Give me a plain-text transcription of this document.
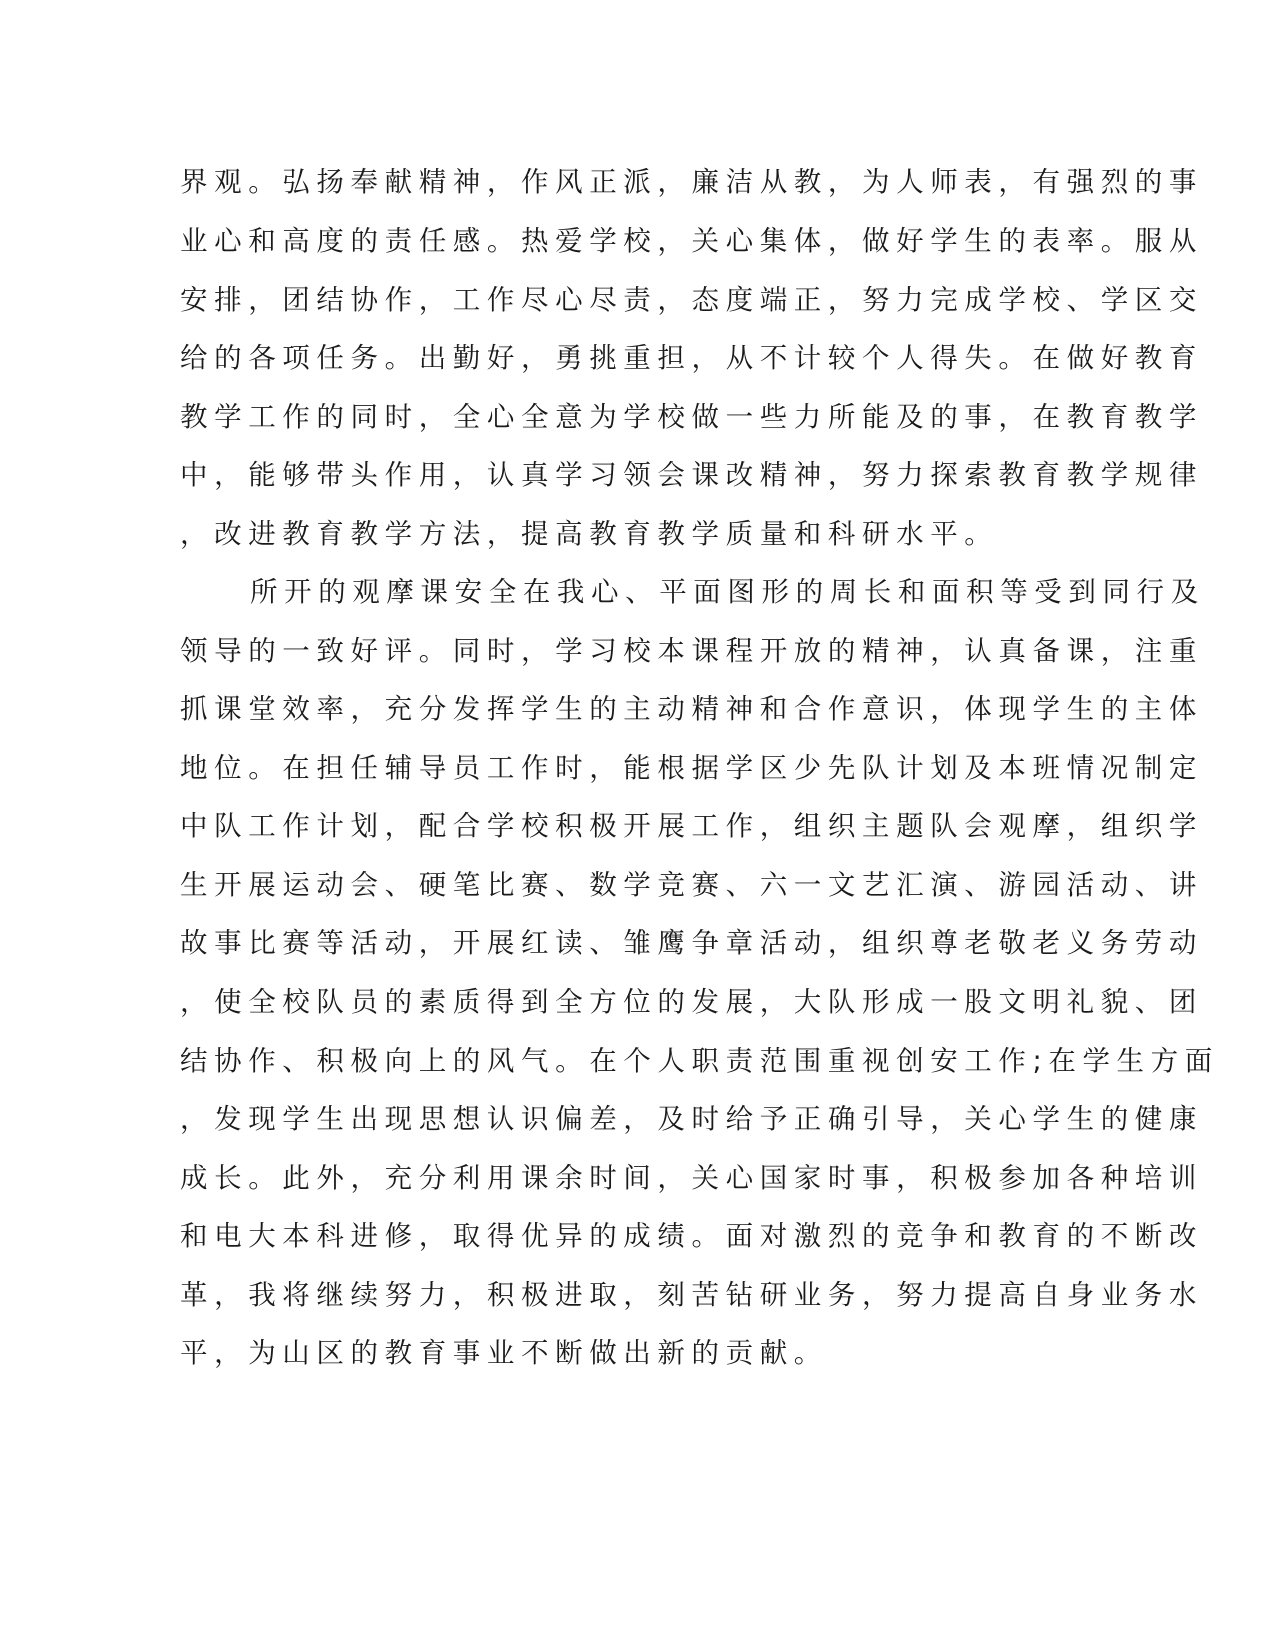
界观。弘扬奉献精神，作风正派，廉洁从教，为人师表，有强烈的事
业心和高度的责任感。热爱学校，关心集体，做好学生的表率。服从
安排，团结协作，工作尽心尽责，态度端正，努力完成学校、学区交
给的各项任务。出勤好，勇挑重担，从不计较个人得失。在做好教育
教学工作的同时，全心全意为学校做一些力所能及的事，在教育教学
中，能够带头作用，认真学习领会课改精神，努力探索教育教学规律
，改进教育教学方法，提高教育教学质量和科研水平。
所开的观摩课安全在我心、平面图形的周长和面积等受到同行及
领导的一致好评。同时，学习校本课程开放的精神，认真备课，注重
抓课堂效率，充分发挥学生的主动精神和合作意识，体现学生的主体
地位。在担任辅导员工作时，能根据学区少先队计划及本班情况制定
中队工作计划，配合学校积极开展工作，组织主题队会观摩，组织学
生开展运动会、硬笔比赛、数学竞赛、六一文艺汇演、游园活动、讲
故事比赛等活动，开展红读、雏鹰争章活动，组织尊老敬老义务劳动
，使全校队员的素质得到全方位的发展，大队形成一股文明礼貌、团
结协作、积极向上的风气。在个人职责范围重视创安工作;在学生方面
，发现学生出现思想认识偏差，及时给予正确引导，关心学生的健康
成长。此外，充分利用课余时间，关心国家时事，积极参加各种培训
和电大本科进修，取得优异的成绩。面对激烈的竞争和教育的不断改
革，我将继续努力，积极进取，刻苦钻研业务，努力提高自身业务水
平，为山区的教育事业不断做出新的贡献。
